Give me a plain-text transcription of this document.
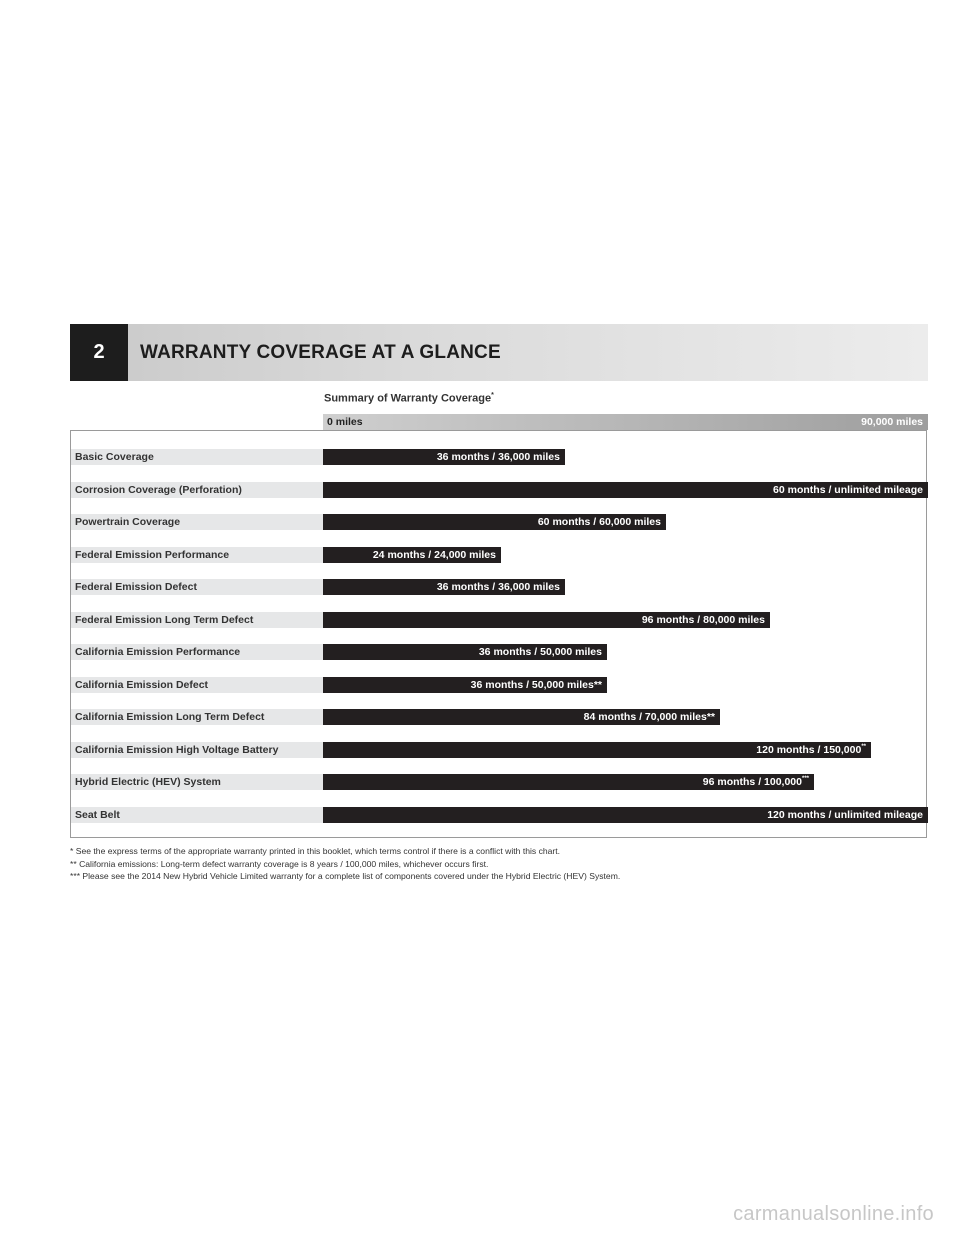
2	WARRANTY COVERAGE AT A GLANCE
Summary of Warranty Coverage*
0 miles	90,000 miles
Basic Coverage	36 months / 36,000 miles
Corrosion Coverage (Perforation)	60 months / unlimited mileage
Powertrain Coverage	60 months / 60,000 miles
Federal Emission Performance	24 months / 24,000 miles
Federal Emission Defect	36 months / 36,000 miles
Federal Emission Long Term Defect	96 months / 80,000 miles
California Emission Performance	36 months / 50,000 miles
California Emission Defect	36 months / 50,000 miles**
California Emission Long Term Defect	84 months / 70,000 miles**
California Emission High Voltage Battery	120 months / 150,000**
Hybrid Electric (HEV) System	96 months / 100,000***
Seat Belt	120 months / unlimited mileage
* See the express terms of the appropriate warranty printed in this booklet, which terms control if there is a conflict with this chart.
** California emissions: Long-term defect warranty coverage is 8 years / 100,000 miles, whichever occurs first.
*** Please see the 2014 New Hybrid Vehicle Limited warranty for a complete list of components covered under the Hybrid Electric (HEV) System.
carmanualsonline.info
